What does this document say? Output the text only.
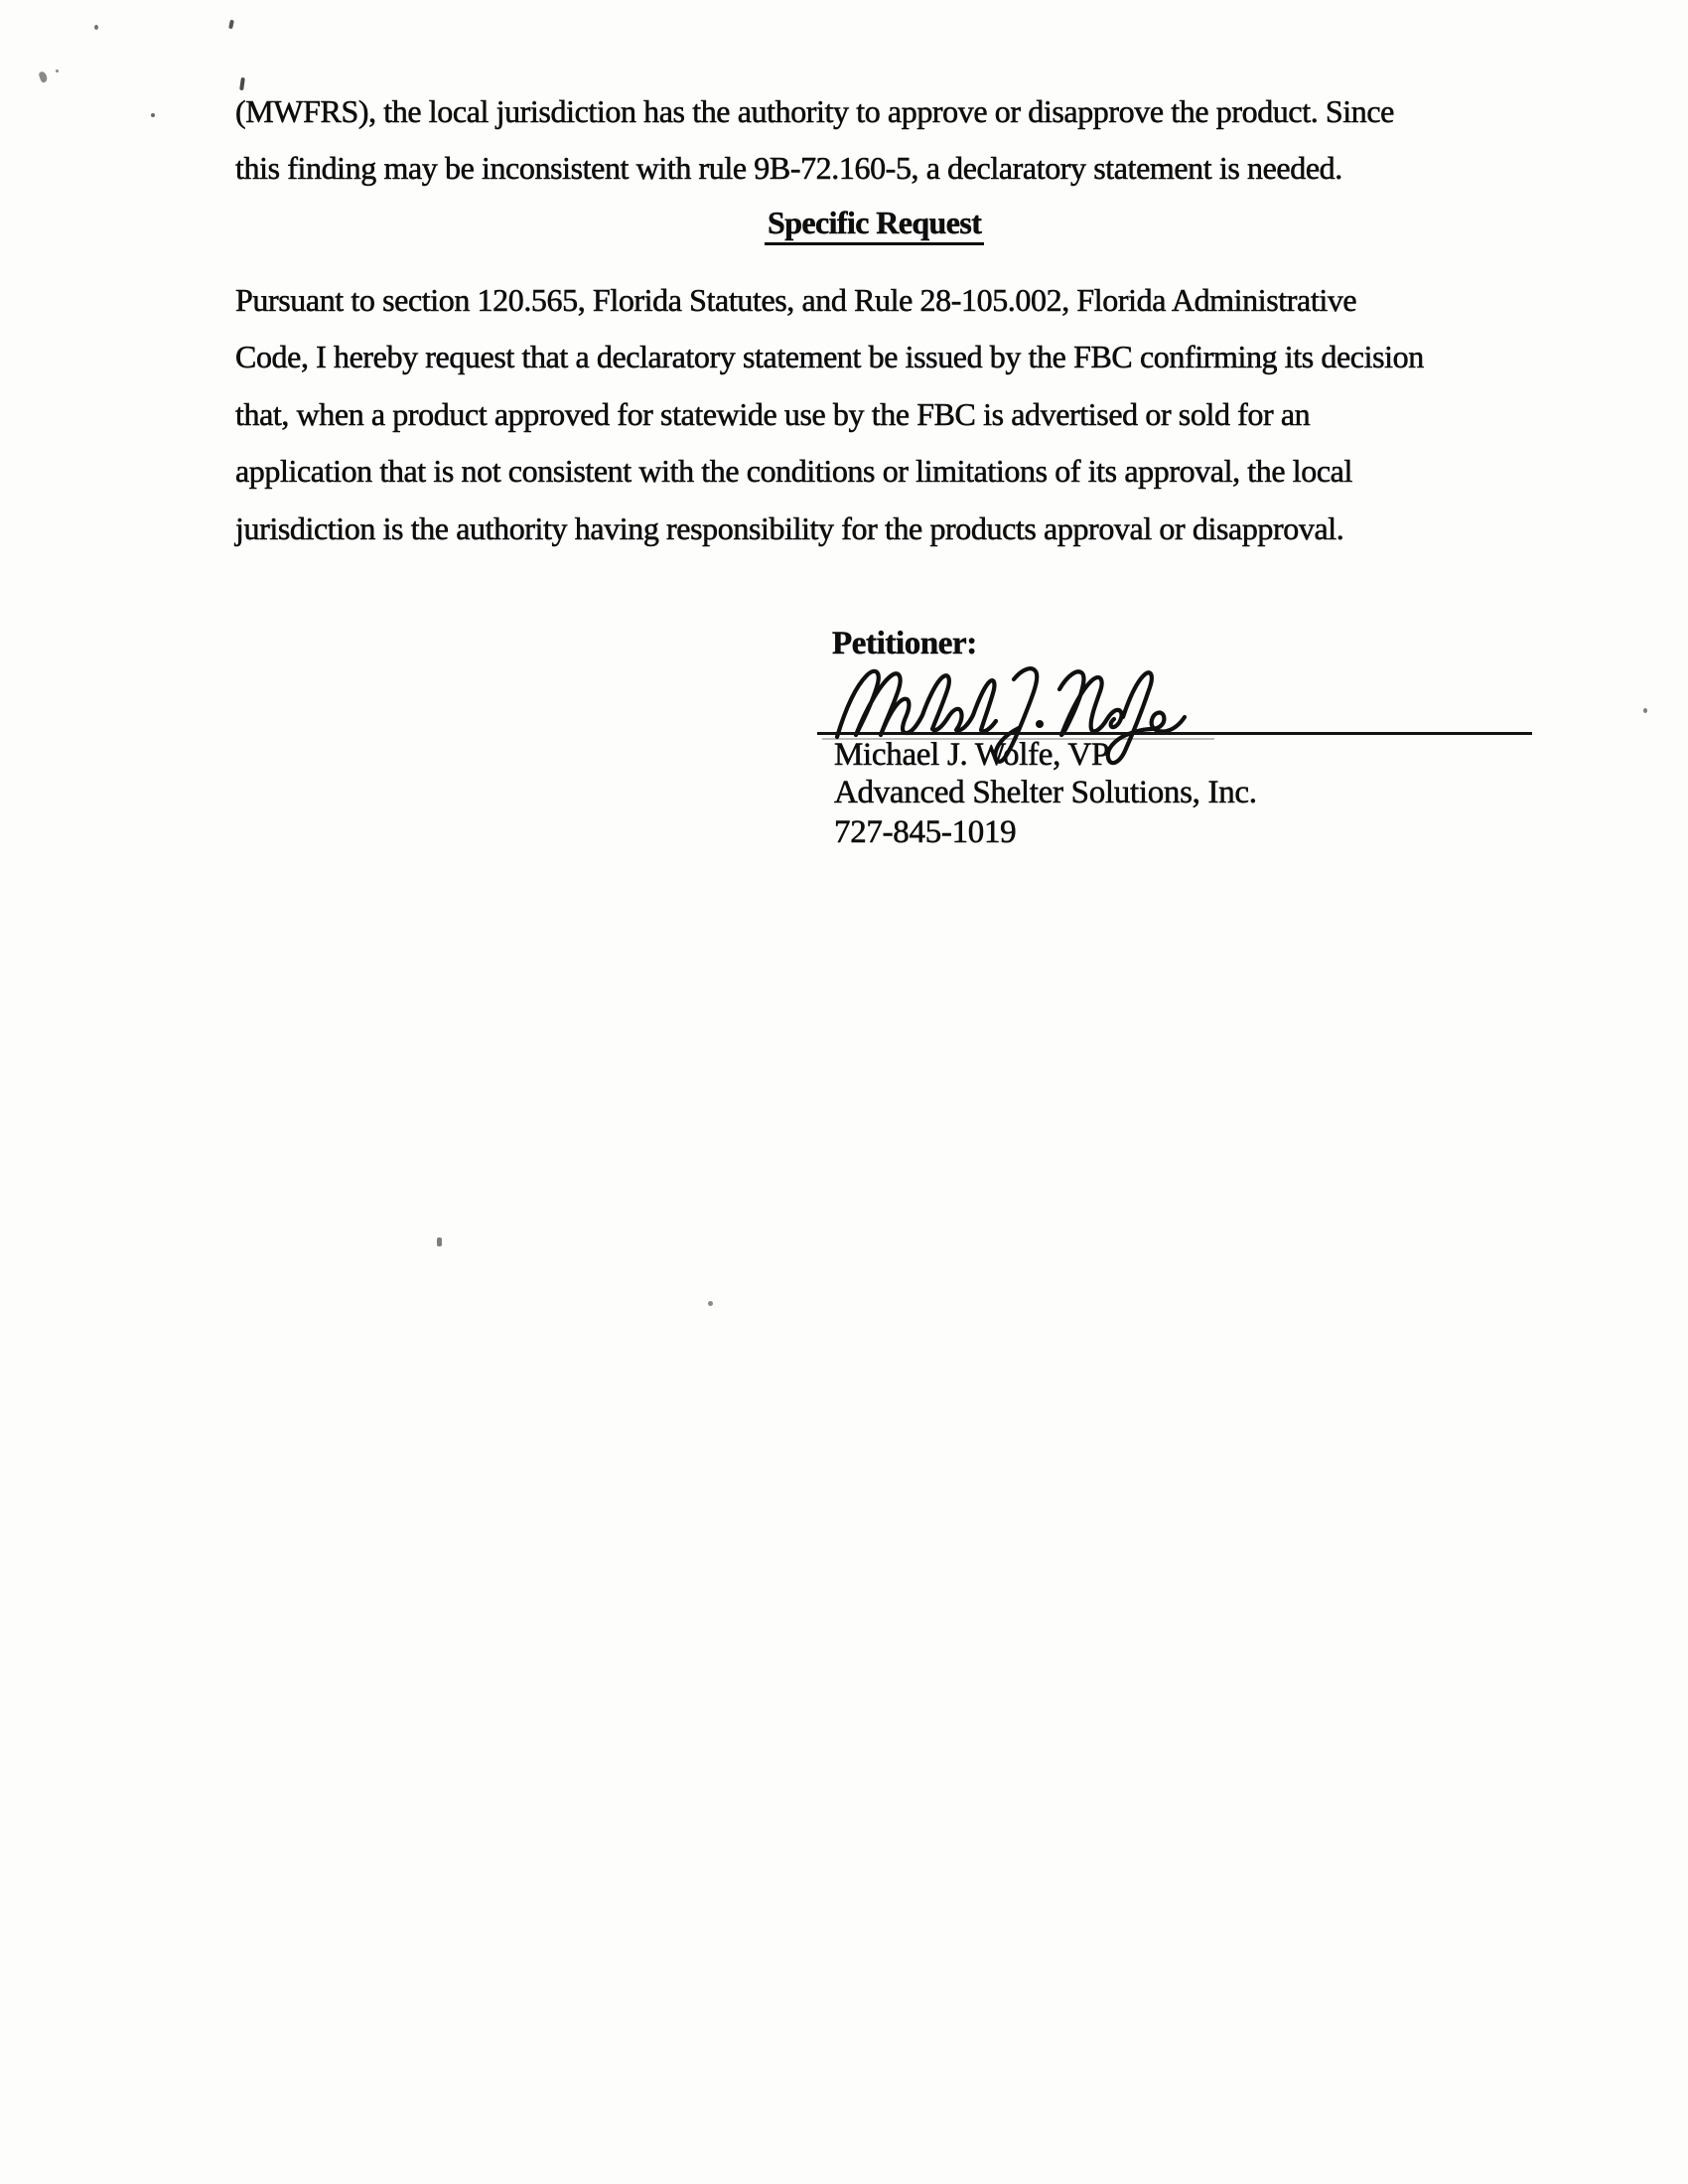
(MWFRS), the local jurisdiction has the authority to approve or disapprove the product. Since
this finding may be inconsistent with rule 9B-72.160-5, a declaratory statement is needed.
Specific Request
Pursuant to section 120.565, Florida Statutes, and Rule 28-105.002, Florida Administrative
Code, I hereby request that a declaratory statement be issued by the FBC confirming its decision
that, when a product approved for statewide use by the FBC is advertised or sold for an
application that is not consistent with the conditions or limitations of its approval, the local
jurisdiction is the authority having responsibility for the products approval or disapproval.
Petitioner:
Michael J. Wolfe, VP
Advanced Shelter Solutions, Inc.
727-845-1019
